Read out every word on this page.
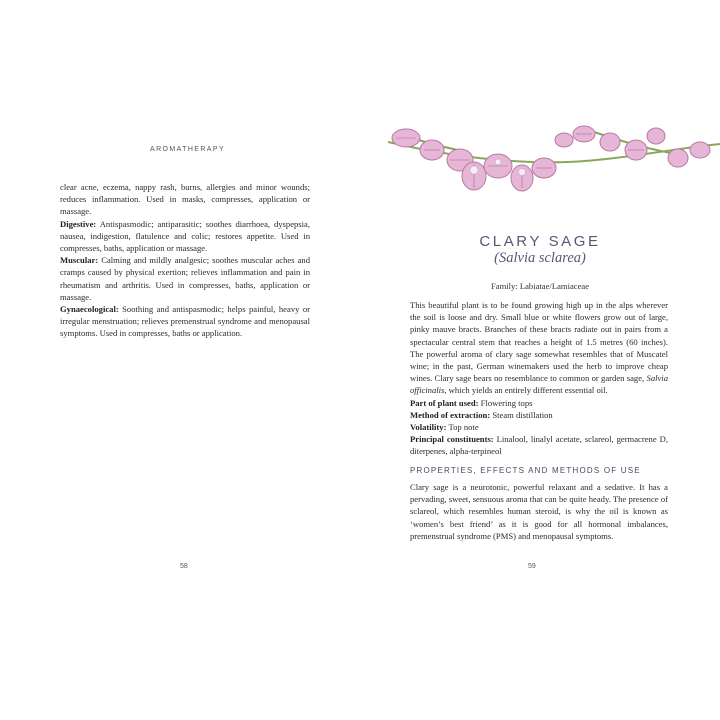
AROMATHERAPY

clear acne, eczema, nappy rash, burns, allergies and minor wounds; reduces inflammation. Used in masks, compresses, application or massage.
Digestive: Antispasmodic; antiparasitic; soothes diarrhoea, dyspepsia, nausea, indigestion, flatulence and colic; restores appetite. Used in compresses, baths, application or massage.
Muscular: Calming and mildly analgesic; soothes muscular aches and cramps caused by physical exertion; relieves inflammation and pain in rheumatism and arthritis. Used in compresses, baths, application or massage.
Gynaecological: Soothing and antispasmodic; helps painful, heavy or irregular menstruation; relieves premenstrual syndrome and menopausal symptoms. Used in compresses, baths or application.

58
CLARY SAGE
(Salvia sclarea)
Family: Labiatae/Lamiaceae

This beautiful plant is to be found growing high up in the alps wherever the soil is loose and dry. Small blue or white flowers grow out of large, pinky mauve bracts. Branches of these bracts radiate out in pairs from a spectacular central stem that reaches a height of 1.5 metres (60 inches). The powerful aroma of clary sage somewhat resembles that of Muscatel wine; in the past, German winemakers used the herb to improve cheap wines. Clary sage bears no resemblance to common or garden sage, Salvia officinalis, which yields an entirely different essential oil.
Part of plant used: Flowering tops
Method of extraction: Steam distillation
Volatility: Top note
Principal constituents: Linalool, linalyl acetate, sclareol, germacrene D, diterpenes, alpha-terpineol

PROPERTIES, EFFECTS AND METHODS OF USE

Clary sage is a neurotonic, powerful relaxant and a sedative. It has a pervading, sweet, sensuous aroma that can be quite heady. The presence of sclareol, which resembles human steroid, is why the oil is known as ‘women’s best friend’ as it is good for all hormonal imbalances, premenstrual syndrome (PMS) and menopausal symptoms.

59
